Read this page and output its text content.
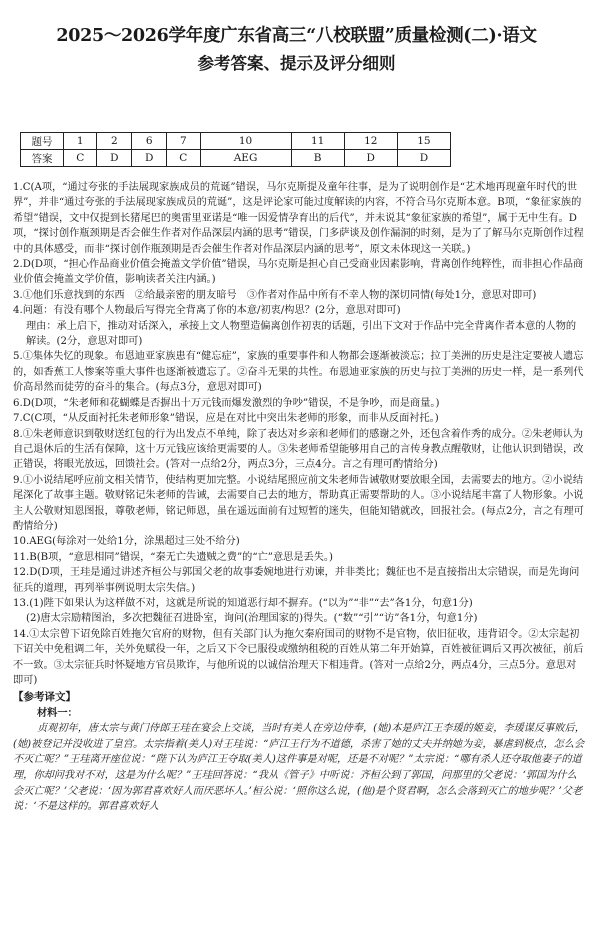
2025～2026学年度广东省高三“八校联盟”质量检测(二)·语文
参考答案、提示及评分细则
题号	1	2	6	7	10	11	12	15
答案	C	D	D	C	AEG	B	D	D
1.C(A项，“通过夸张的手法展现家族成员的荒诞”错误，马尔克斯提及童年往事，是为了说明创作是“艺术地再现童年时代的世界”，并非“通过夸张的手法展现家族成员的荒诞”，这是评论家可能过度解读的内容，不符合马尔克斯本意。B项，“象征家族的希望”错误，文中仅提到长猪尾巴的奥雷里亚诺是“唯一因爱情孕育出的后代”，并未说其“象征家族的希望”，属于无中生有。D项，“探讨创作瓶颈期是否会催生作者对作品深层内涵的思考”错误，门多萨谈及创作漏洞的时刻，是为了了解马尔克斯创作过程中的具体感受，而非“探讨创作瓶颈期是否会催生作者对作品深层内涵的思考”，原文未体现这一关联。)
2.D(D项，“担心作品商业价值会掩盖文学价值”错误，马尔克斯是担心自己受商业因素影响，背离创作纯粹性，而非担心作品商业价值会掩盖文学价值，影响读者关注内涵。)
3.①他们乐意找到的东西　②给最亲密的朋友暗号　③作者对作品中所有不幸人物的深切同情(每处1分，意思对即可)
4.问题：有没有哪个人物最后写得完全背离了你的本意/初衷/构思？(2分，意思对即可)
理由：承上启下，推动对话深入，承接上文人物塑造偏离创作初衷的话题，引出下文对于作品中完全背离作者本意的人物的解读。(2分，意思对即可)
5.①集体失忆的现象。布恩迪亚家族患有“健忘症”，家族的重要事件和人物都会逐渐被淡忘；拉丁美洲的历史是注定要被人遗忘的，如香蕉工人惨案等重大事件也逐渐被遗忘了。②奋斗无果的共性。布恩迪亚家族的历史与拉丁美洲的历史一样，是一系列代价高昂然而徒劳的奋斗的集合。(每点3分，意思对即可)
6.D(D项，“朱老师和花蝴蝶是否摒出十万元钱而爆发激烈的争吵”错误，不是争吵，而是商量。)
7.C(C项，“从反面衬托朱老师形象”错误，应是在对比中突出朱老师的形象，而非从反面衬托。)
8.①朱老师意识到敬财送红包的行为出发点不单纯，除了表达对乡亲和老师们的感谢之外，还包含着作秀的成分。②朱老师认为自己退休后的生活有保障，这十万元钱应该给更需要的人。③朱老师希望能够用自己的言传身教点醒敬财，让他认识到错误，改正错误，将眼光放远，回馈社会。(答对一点给2分，两点3分，三点4分。言之有理可酌情给分)
9.①小说结尾呼应前文相关情节，使结构更加完整。小说结尾照应前文朱老师告诫敬财要放眼全国，去需要去的地方。②小说结尾深化了故事主题。敬财铭记朱老师的告诫，去需要自己去的地方，帮助真正需要帮助的人。③小说结尾丰富了人物形象。小说主人公敬财知恩图报，尊敬老师，铭记师恩，虽在遥远面前有过短暂的迷失，但能知错就改，回报社会。(每点2分，言之有理可酌情给分)
10.AEG(每涂对一处给1分，涂黑超过三处不给分)
11.B(B项，“意思相同”错误，“秦无亡失遗贼之费”的“亡”意思是丢失。)
12.D(D项，王珪是通过讲述齐桓公与郭国父老的故事委婉地进行劝谏，并非类比；魏征也不是直接指出太宗错误，而是先询问征兵的道理，再列举事例说明太宗失信。)
13.(1)陛下如果认为这样做不对，这就是所说的知道恶行却不摒弃。(“以为”“非”“去”各1分，句意1分)
(2)唐太宗励精图治，多次把魏征召进卧室，询问(治理国家的)得失。(“数”“引”“访”各1分，句意1分)
14.①太宗曾下诏免除百姓拖欠官府的财物，但有关部门认为拖欠秦府国司的财物不是官物，依旧征收，违背诏令。②太宗起初下诏关中免租调二年，关外免赋役一年，之后又下令已服役或缴纳租税的百姓从第二年开始算，百姓被征调后又再次被征，前后不一致。③太宗征兵时怀疑地方官员欺诈，与他所说的以诚信治理天下相违背。(答对一点给2分，两点4分，三点5分。意思对即可)
【参考译文】
材料一：
贞观初年，唐太宗与黄门侍郎王珪在宴会上交谈，当时有美人在旁边侍奉，(她)本是庐江王李瑗的姬妾，李瑗谋反事败后，(她)被登记并没收进了皇宫。太宗指着(美人)对王珪说：“庐江王行为不道德，杀害了她的丈夫并纳她为妾，暴虐到极点，怎么会不灭亡呢？”王珪离开座位说：“陛下认为庐江王夺取(美人)这件事是对呢，还是不对呢？”太宗说：“哪有杀人还夺取他妻子的道理，你却问我对不对，这是为什么呢？”王珪回答说：“我从《管子》中听说：齐桓公到了郭国，问那里的父老说：‘郭国为什么会灭亡呢？’父老说：‘因为郭君喜欢好人而厌恶坏人。’桓公说：‘照你这么说，(他)是个贤君啊，怎么会落到灭亡的地步呢？’父老说：‘不是这样的。郭君喜欢好人
